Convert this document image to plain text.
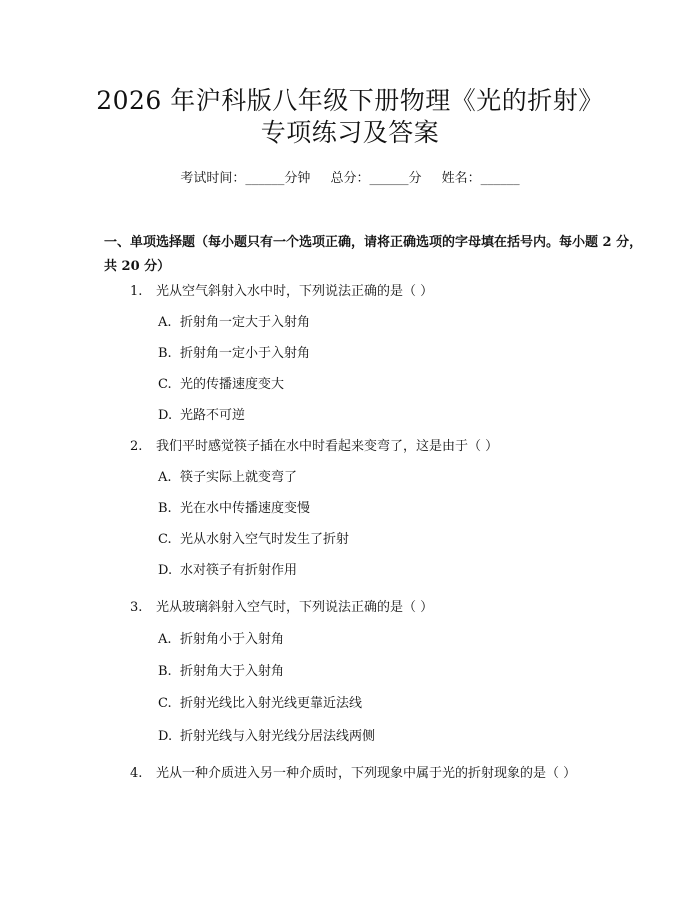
2026 年沪科版八年级下册物理《光的折射》
专项练习及答案
考试时间：______分钟 总分：______分 姓名：______
一、单项选择题（每小题只有一个选项正确，请将正确选项的字母填在括号内。每小题 2 分，共 20 分）
1. 光从空气斜射入水中时，下列说法正确的是（ ）
A. 折射角一定大于入射角
B. 折射角一定小于入射角
C. 光的传播速度变大
D. 光路不可逆
2. 我们平时感觉筷子插在水中时看起来变弯了，这是由于（ ）
A. 筷子实际上就变弯了
B. 光在水中传播速度变慢
C. 光从水射入空气时发生了折射
D. 水对筷子有折射作用
3. 光从玻璃斜射入空气时，下列说法正确的是（ ）
A. 折射角小于入射角
B. 折射角大于入射角
C. 折射光线比入射光线更靠近法线
D. 折射光线与入射光线分居法线两侧
4. 光从一种介质进入另一种介质时，下列现象中属于光的折射现象的是（ ）
